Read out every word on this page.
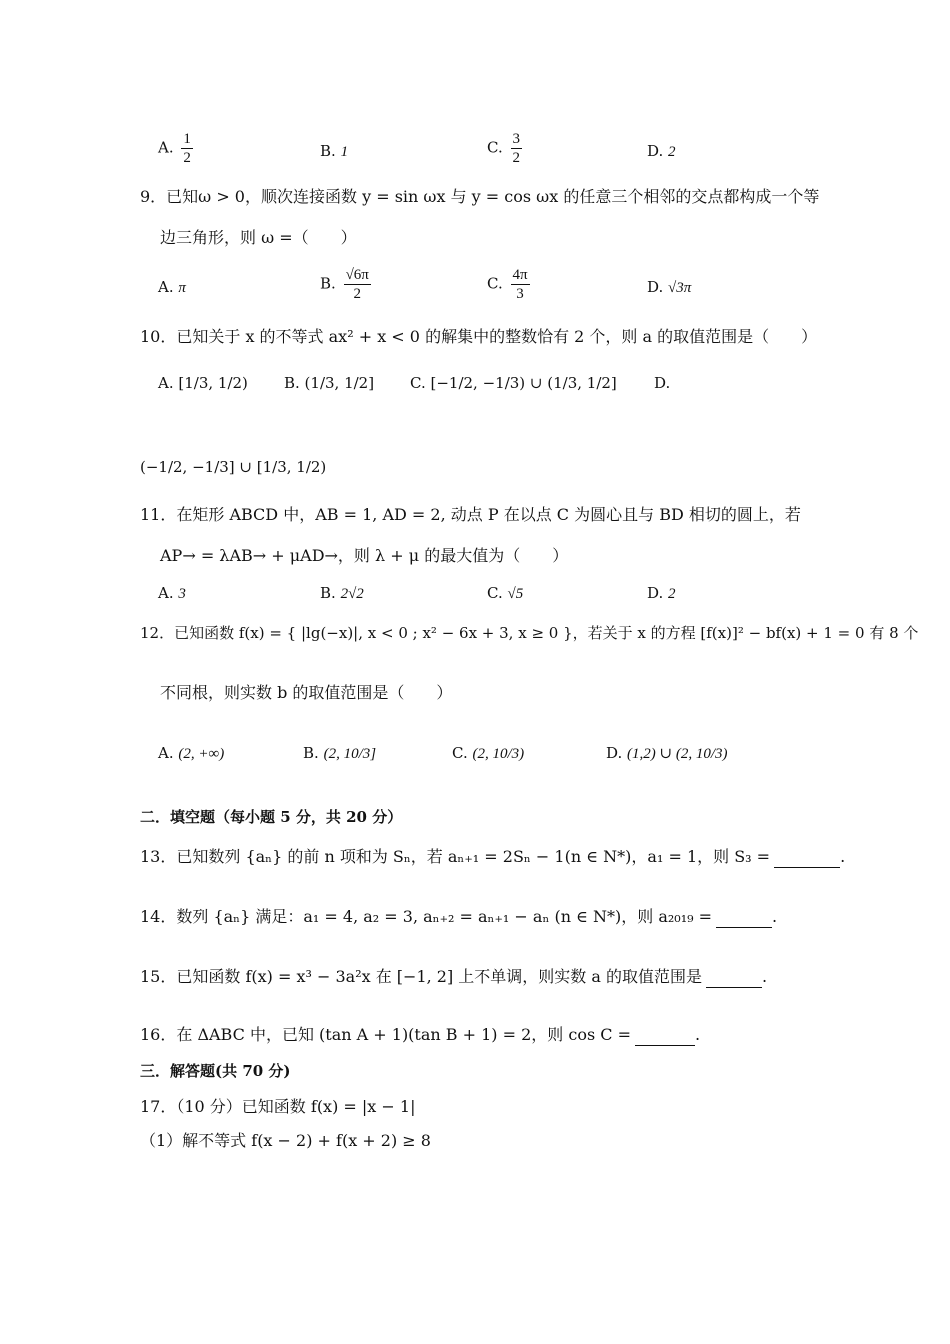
A. $\frac{1}{2}$	B. 1	C. $\frac{3}{2}$	D. 2
9．已知ω > 0，顺次连接函数 y = sin ωx 与 y = cos ωx 的任意三个相邻的交点都构成一个等
边三角形，则 ω =（　　）
A. π	B. $\frac{√6\pi}{2}$	C. $\frac{4\pi}{3}$	D. √3π
10．已知关于 x 的不等式 ax² + x < 0 的解集中的整数恰有 2 个，则 a 的取值范围是（　　）
A. [1/3, 1/2) B. (1/3, 1/2] C. [−1/2, −1/3) ∪ (1/3, 1/2] D.
(−1/2, −1/3] ∪ [1/3, 1/2)
11．在矩形 ABCD 中，AB = 1, AD = 2, 动点 P 在以点 C 为圆心且与 BD 相切的圆上，若
AP→ = λAB→ + μAD→，则 λ + μ 的最大值为（　　）
A. 3	B. 2√2	C. √5	D. 2
12．已知函数 f(x) = { |lg(−x)|, x < 0 ; x² − 6x + 3, x ≥ 0 }，若关于 x 的方程 [f(x)]² − bf(x) + 1 = 0 有 8 个
不同根，则实数 b 的取值范围是（　　）
A. (2, +∞)	B. (2, 10/3]	C. (2, 10/3)	D. (1,2) ∪ (2, 10/3)
二．填空题（每小题 5 分，共 20 分）
13．已知数列 {aₙ} 的前 n 项和为 Sₙ，若 aₙ₊₁ = 2Sₙ − 1(n ∈ N*)，a₁ = 1，则 S₃ =	.
14．数列 {aₙ} 满足：a₁ = 4, a₂ = 3, aₙ₊₂ = aₙ₊₁ − aₙ (n ∈ N*)，则 a₂₀₁₉ =	.
15．已知函数 f(x) = x³ − 3a²x 在 [−1, 2] 上不单调，则实数 a 的取值范围是	.
16．在 ΔABC 中，已知 (tan A + 1)(tan B + 1) = 2，则 cos C =	.
三．解答题(共 70 分)
17．（10 分）已知函数 f(x) = |x − 1|
（1）解不等式 f(x − 2) + f(x + 2) ≥ 8
